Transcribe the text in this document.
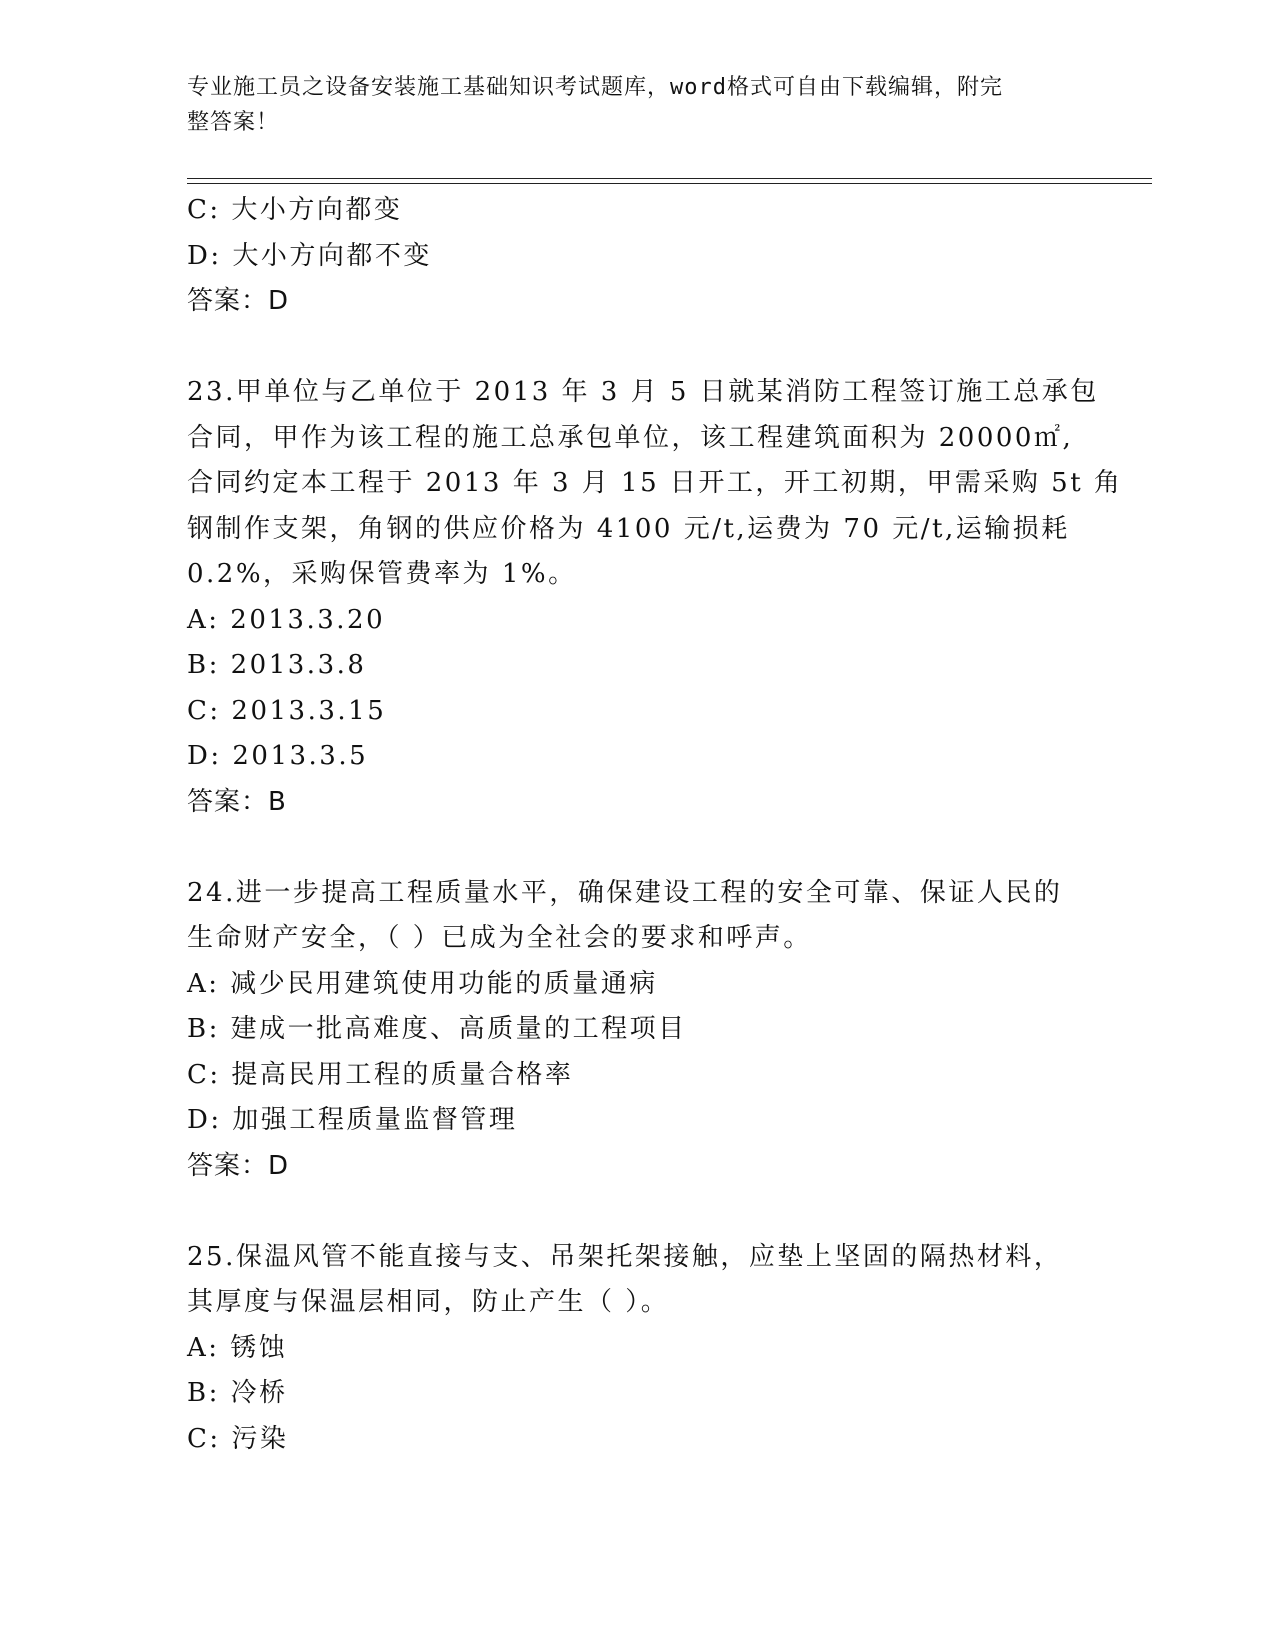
专业施工员之设备安装施工基础知识考试题库，word格式可自由下载编辑，附完
整答案！
C: 大小方向都变
D: 大小方向都不变
答案：D
23.甲单位与乙单位于 2013 年 3 月 5 日就某消防工程签订施工总承包
合同，甲作为该工程的施工总承包单位，该工程建筑面积为 20000㎡,
合同约定本工程于 2013 年 3 月 15 日开工，开工初期，甲需采购 5t 角
钢制作支架，角钢的供应价格为 4100 元/t,运费为 70 元/t,运输损耗
0.2%，采购保管费率为 1%。
A: 2013.3.20
B: 2013.3.8
C: 2013.3.15
D: 2013.3.5
答案：B
24.进一步提高工程质量水平，确保建设工程的安全可靠、保证人民的
生命财产安全，（ ）已成为全社会的要求和呼声。
A: 减少民用建筑使用功能的质量通病
B: 建成一批高难度、高质量的工程项目
C: 提高民用工程的质量合格率
D: 加强工程质量监督管理
答案：D
25.保温风管不能直接与支、吊架托架接触，应垫上坚固的隔热材料，
其厚度与保温层相同，防止产生（ ）。
A: 锈蚀
B: 冷桥
C: 污染
